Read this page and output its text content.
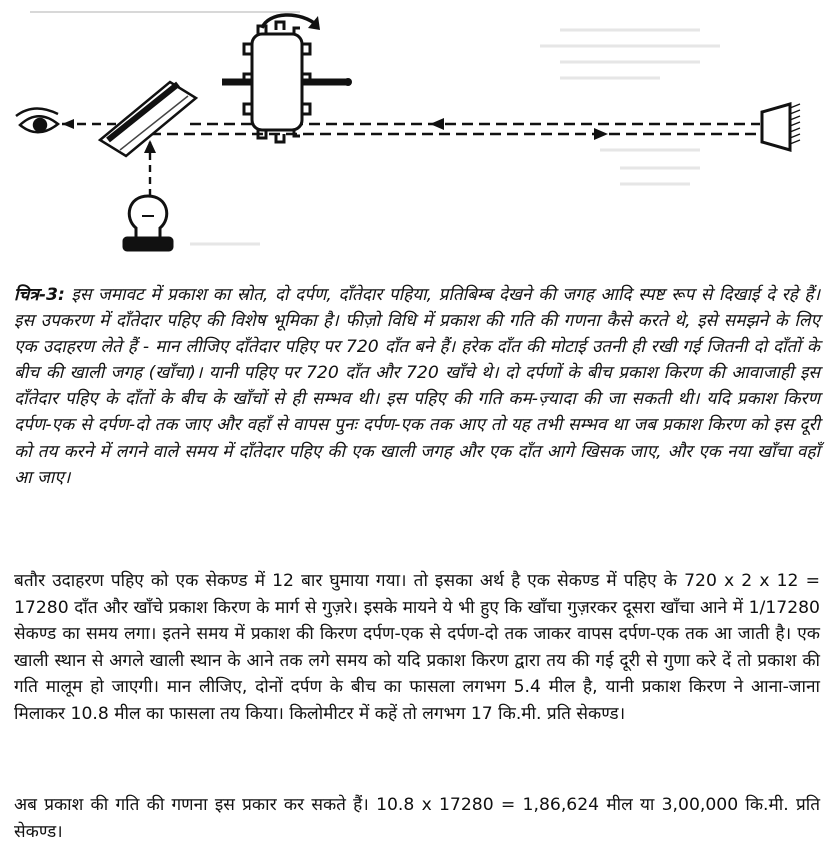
चित्र-3: इस जमावट में प्रकाश का स्रोत, दो दर्पण, दाँतेदार पहिया, प्रतिबिम्ब देखने की जगह आदि स्पष्ट रूप से दिखाई दे रहे हैं। इस उपकरण में दाँतेदार पहिए की विशेष भूमिका है। फीज़ो विधि में प्रकाश की गति की गणना कैसे करते थे, इसे समझने के लिए एक उदाहरण लेते हैं - मान लीजिए दाँतेदार पहिए पर 720 दाँत बने हैं। हरेक दाँत की मोटाई उतनी ही रखी गई जितनी दो दाँतों के बीच की खाली जगह (खाँचा)। यानी पहिए पर 720 दाँत और 720 खाँचे थे। दो दर्पणों के बीच प्रकाश किरण की आवाजाही इस दाँतेदार पहिए के दाँतों के बीच के खाँचों से ही सम्भव थी। इस पहिए की गति कम-ज़्यादा की जा सकती थी। यदि प्रकाश किरण दर्पण-एक से दर्पण-दो तक जाए और वहाँ से वापस पुनः दर्पण-एक तक आए तो यह तभी सम्भव था जब प्रकाश किरण को इस दूरी को तय करने में लगने वाले समय में दाँतेदार पहिए की एक खाली जगह और एक दाँत आगे खिसक जाए, और एक नया खाँचा वहाँ आ जाए।

बतौर उदाहरण पहिए को एक सेकण्ड में 12 बार घुमाया गया। तो इसका अर्थ है एक सेकण्ड में पहिए के 720 x 2 x 12 = 17280 दाँत और खाँचे प्रकाश किरण के मार्ग से गुज़रे। इसके मायने ये भी हुए कि खाँचा गुज़रकर दूसरा खाँचा आने में 1/17280 सेकण्ड का समय लगा। इतने समय में प्रकाश की किरण दर्पण-एक से दर्पण-दो तक जाकर वापस दर्पण-एक तक आ जाती है। एक खाली स्थान से अगले खाली स्थान के आने तक लगे समय को यदि प्रकाश किरण द्वारा तय की गई दूरी से गुणा करे दें तो प्रकाश की गति मालूम हो जाएगी। मान लीजिए, दोनों दर्पण के बीच का फासला लगभग 5.4 मील है, यानी प्रकाश किरण ने आना-जाना मिलाकर 10.8 मील का फासला तय किया। किलोमीटर में कहें तो लगभग 17 कि.मी. प्रति सेकण्ड।

अब प्रकाश की गति की गणना इस प्रकार कर सकते हैं। 10.8 x 17280 = 1,86,624 मील या 3,00,000 कि.मी. प्रति सेकण्ड।
